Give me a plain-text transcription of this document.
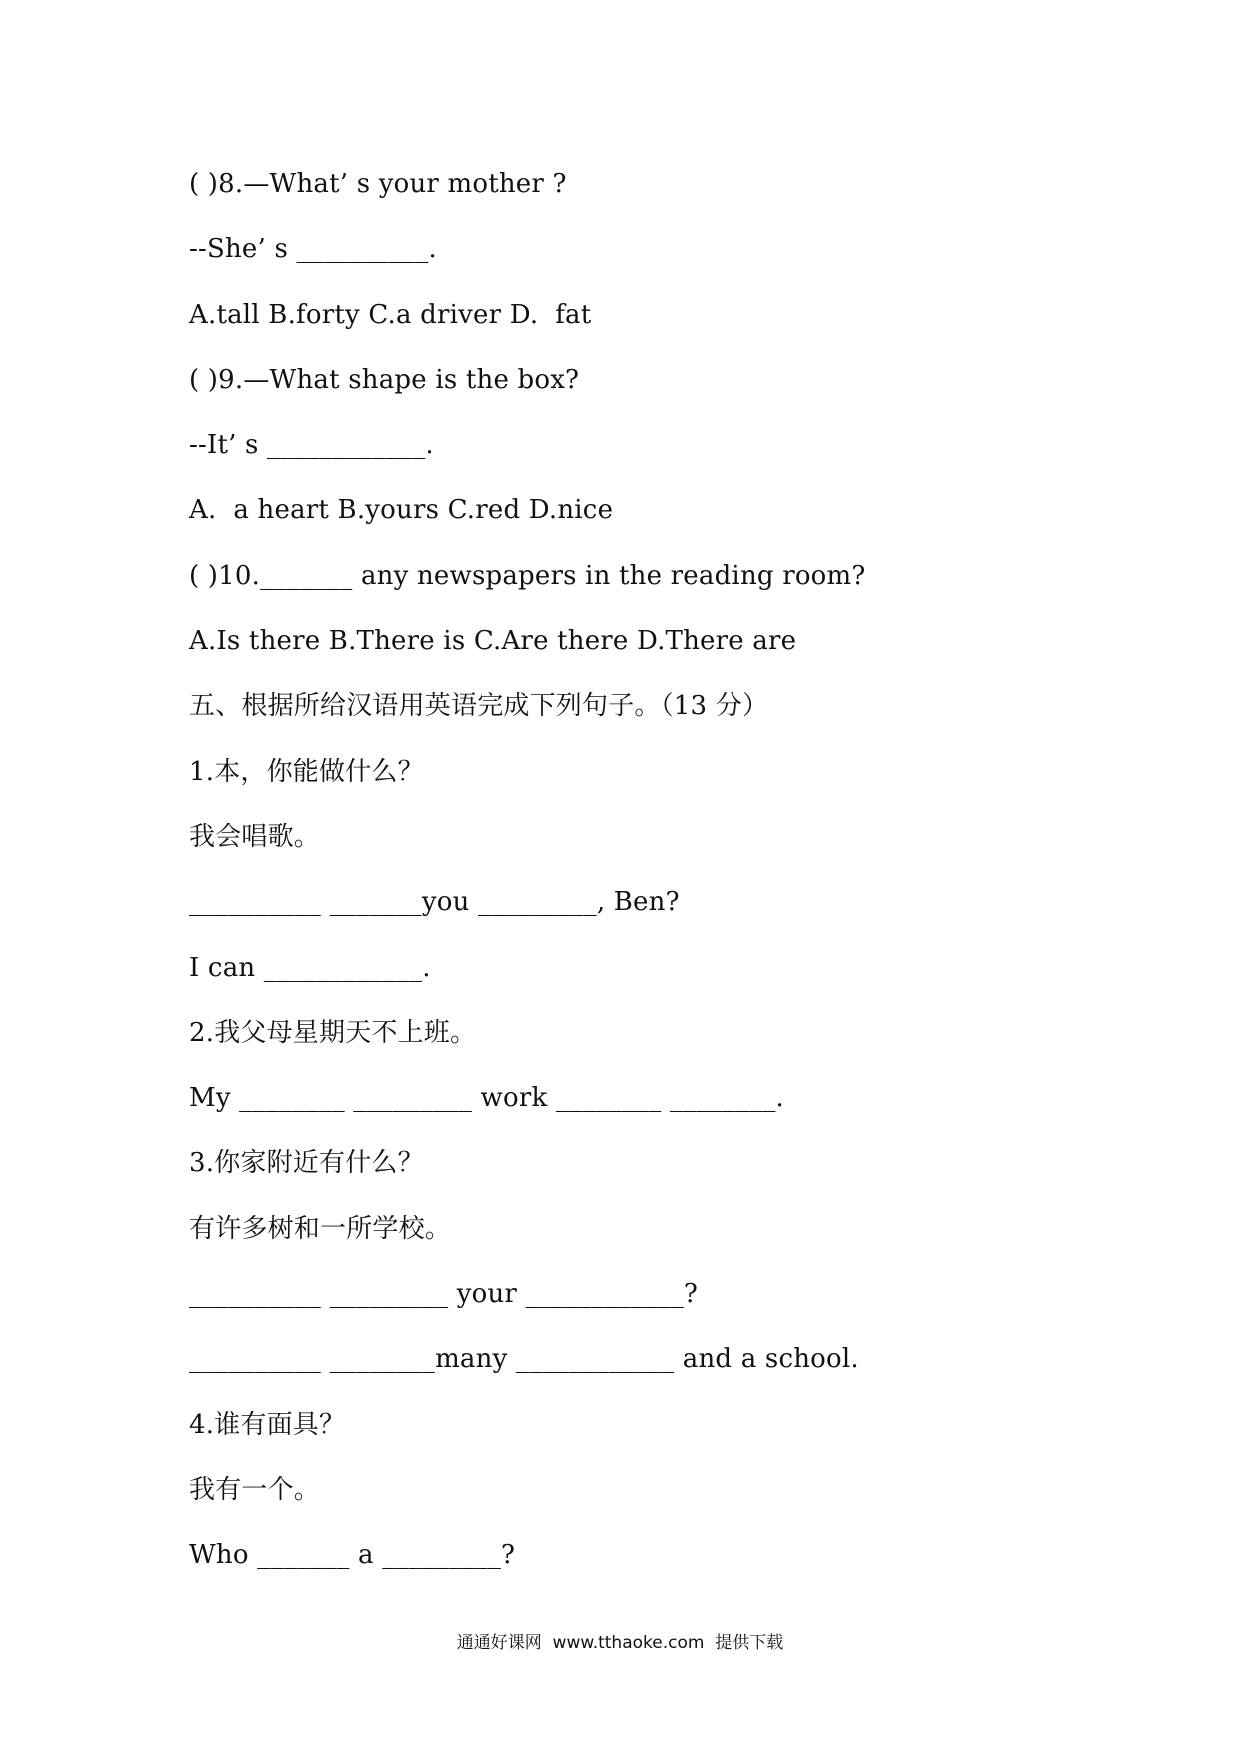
( )8.—What’ s your mother ?
--She’ s __________.
A.tall B.forty C.a driver D.  fat
( )9.—What shape is the box?
--It’ s ____________.
A.  a heart B.yours C.red D.nice
( )10._______ any newspapers in the reading room?
A.Is there B.There is C.Are there D.There are
五、根据所给汉语用英语完成下列句子。（13 分）
1.本，你能做什么？
我会唱歌。
__________ _______you _________, Ben?
I can ____________.
2.我父母星期天不上班。
My ________ _________ work ________ ________.
3.你家附近有什么？
有许多树和一所学校。
__________ _________ your ____________?
__________ ________many ____________ and a school.
4.谁有面具？
我有一个。
Who _______ a _________?
通通好课网  www.tthaoke.com  提供下载
